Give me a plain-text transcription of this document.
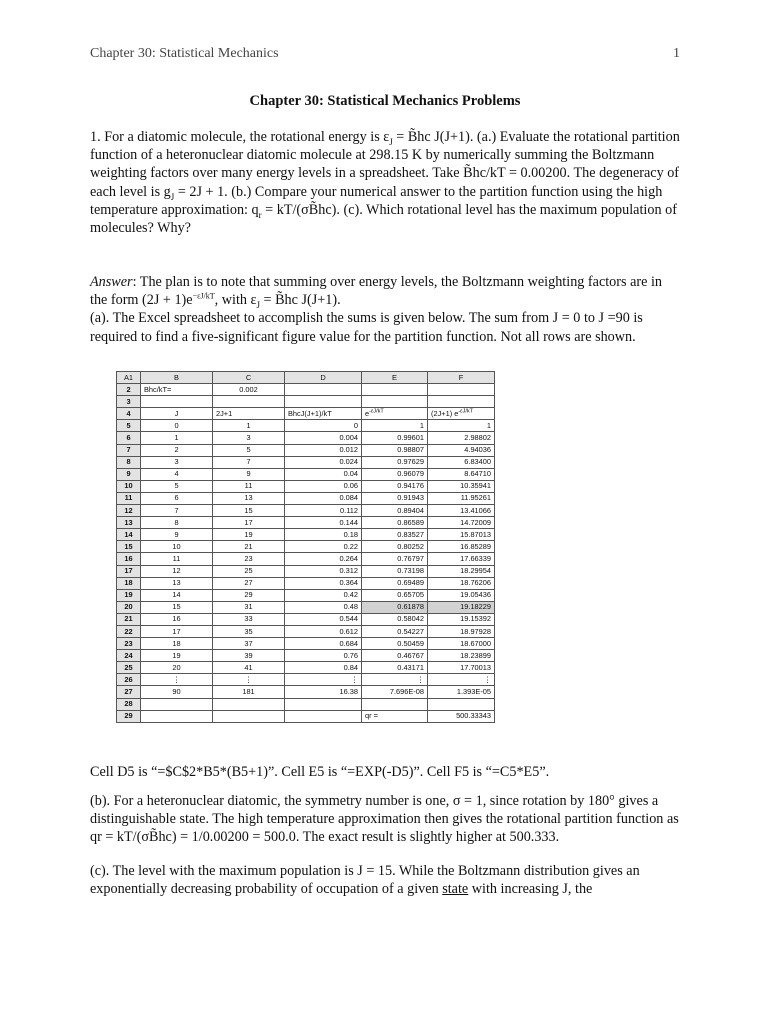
Chapter 30: Statistical Mechanics	1
Chapter 30: Statistical Mechanics Problems

1. For a diatomic molecule, the rotational energy is $\varepsilon_J$ = B̃hc J(J+1). (a.) Evaluate the rotational partition function of a heteronuclear diatomic molecule at 298.15 K by numerically summing the Boltzmann weighting factors over many energy levels in a spreadsheet. Take B̃hc/kT = 0.00200. The degeneracy of each level is $g_J = 2J + 1$. (b.) Compare your numerical answer to the partition function using the high temperature approximation: $q_r$ = kT/(σB̃hc). (c). Which rotational level has the maximum population of molecules? Why?

Answer: The plan is to note that summing over energy levels, the Boltzmann weighting factors are in the form $(2J + 1)e^{-\varepsilon J/kT}$, with $\varepsilon_J$ = B̃hc J(J+1).
(a). The Excel spreadsheet to accomplish the sums is given below. The sum from J = 0 to J =90 is required to find a five-significant figure value for the partition function. Not all rows are shown.

A1	B	C	D	E	F
2	Bhc/kT=	0.002			
3					
4	J	2J+1	BhcJ(J+1)/kT	$e^{-\varepsilon J/kT}$	(2J+1) $e^{-\varepsilon J/kT}$
5	0	1	0	1	1
6	1	3	0.004	0.99601	2.98802
7	2	5	0.012	0.98807	4.94036
8	3	7	0.024	0.97629	6.83400
9	4	9	0.04	0.96079	8.64710
10	5	11	0.06	0.94176	10.35941
11	6	13	0.084	0.91943	11.95261
12	7	15	0.112	0.89404	13.41066
13	8	17	0.144	0.86589	14.72009
14	9	19	0.18	0.83527	15.87013
15	10	21	0.22	0.80252	16.85289
16	11	23	0.264	0.76797	17.66339
17	12	25	0.312	0.73198	18.29954
18	13	27	0.364	0.69489	18.76206
19	14	29	0.42	0.65705	19.05436
20	15	31	0.48	0.61878	19.18229
21	16	33	0.544	0.58042	19.15392
22	17	35	0.612	0.54227	18.97928
23	18	37	0.684	0.50459	18.67000
24	19	39	0.76	0.46767	18.23899
25	20	41	0.84	0.43171	17.70013
26	⋮	⋮	⋮	⋮	⋮
27	90	181	16.38	7.696E-08	1.393E-05
28					
29				qr =	500.33343

Cell D5 is “=$C$2*B5*(B5+1)”. Cell E5 is “=EXP(-D5)”. Cell F5 is “=C5*E5”.

(b). For a heteronuclear diatomic, the symmetry number is one, σ = 1, since rotation by 180° gives a distinguishable state. The high temperature approximation then gives the rotational partition function as qr = kT/(σB̃hc) = 1/0.00200 = 500.0. The exact result is slightly higher at 500.333.

(c). The level with the maximum population is J = 15. While the Boltzmann distribution gives an exponentially decreasing probability of occupation of a given state with increasing J, the
